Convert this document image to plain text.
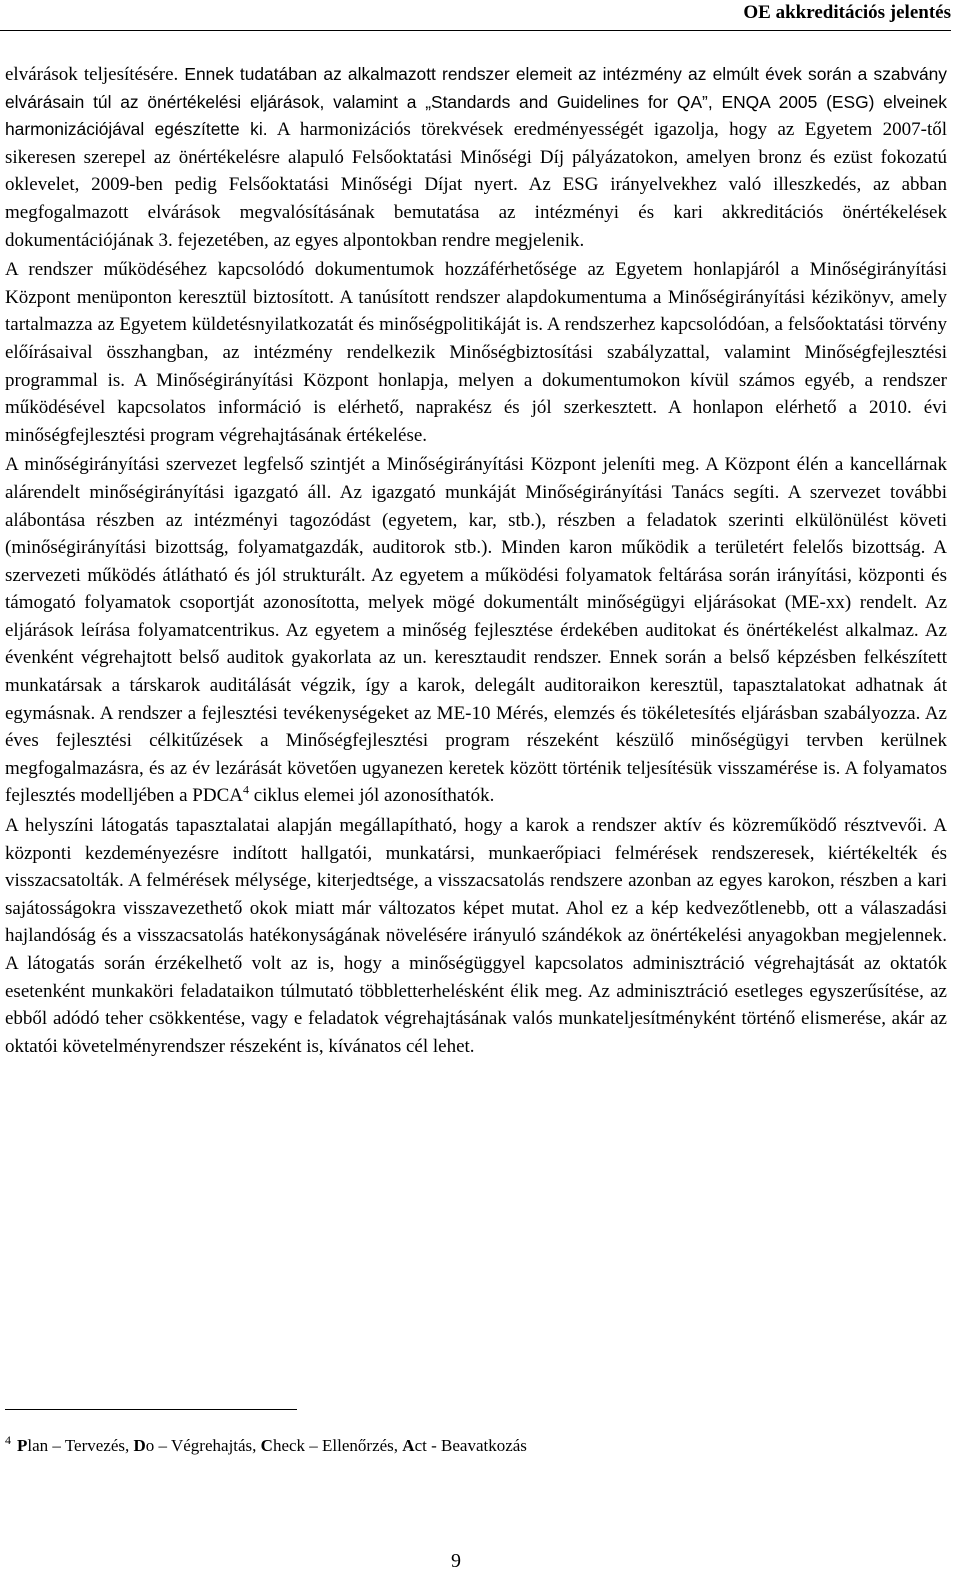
OE akkreditációs jelentés

elvárások teljesítésére. Ennek tudatában az alkalmazott rendszer elemeit az intézmény az elmúlt évek során a szabvány elvárásain túl az önértékelési eljárások, valamint a „Standards and Guidelines for QA”, ENQA 2005 (ESG) elveinek harmonizációjával egészítette ki. A harmonizációs törekvések eredményességét igazolja, hogy az Egyetem 2007-től sikeresen szerepel az önértékelésre alapuló Felsőoktatási Minőségi Díj pályázatokon, amelyen bronz és ezüst fokozatú oklevelet, 2009-ben pedig Felsőoktatási Minőségi Díjat nyert. Az ESG irányelvekhez való illeszkedés, az abban megfogalmazott elvárások megvalósításának bemutatása az intézményi és kari akkreditációs önértékelések dokumentációjának 3. fejezetében, az egyes alpontokban rendre megjelenik.

A rendszer működéséhez kapcsolódó dokumentumok hozzáférhetősége az Egyetem honlapjáról a Minőségirányítási Központ menüponton keresztül biztosított. A tanúsított rendszer alapdokumentuma a Minőségirányítási kézikönyv, amely tartalmazza az Egyetem küldetésnyilatkozatát és minőségpolitikáját is. A rendszerhez kapcsolódóan, a felsőoktatási törvény előírásaival összhangban, az intézmény rendelkezik Minőségbiztosítási szabályzattal, valamint Minőségfejlesztési programmal is. A Minőségirányítási Központ honlapja, melyen a dokumentumokon kívül számos egyéb, a rendszer működésével kapcsolatos információ is elérhető, naprakész és jól szerkesztett. A honlapon elérhető a 2010. évi minőségfejlesztési program végrehajtásának értékelése.

A minőségirányítási szervezet legfelső szintjét a Minőségirányítási Központ jeleníti meg. A Központ élén a kancellárnak alárendelt minőségirányítási igazgató áll. Az igazgató munkáját Minőségirányítási Tanács segíti. A szervezet további alábontása részben az intézményi tagozódást (egyetem, kar, stb.), részben a feladatok szerinti elkülönülést követi (minőségirányítási bizottság, folyamatgazdák, auditorok stb.). Minden karon működik a területért felelős bizottság. A szervezeti működés átlátható és jól strukturált. Az egyetem a működési folyamatok feltárása során irányítási, központi és támogató folyamatok csoportját azonosította, melyek mögé dokumentált minőségügyi eljárásokat (ME-xx) rendelt. Az eljárások leírása folyamatcentrikus. Az egyetem a minőség fejlesztése érdekében auditokat és önértékelést alkalmaz. Az évenként végrehajtott belső auditok gyakorlata az un. keresztaudit rendszer. Ennek során a belső képzésben felkészített munkatársak a társkarok auditálását végzik, így a karok, delegált auditoraikon keresztül, tapasztalatokat adhatnak át egymásnak. A rendszer a fejlesztési tevékenységeket az ME-10 Mérés, elemzés és tökéletesítés eljárásban szabályozza. Az éves fejlesztési célkitűzések a Minőségfejlesztési program részeként készülő minőségügyi tervben kerülnek megfogalmazásra, és az év lezárását követően ugyanezen keretek között történik teljesítésük visszamérése is. A folyamatos fejlesztés modelljében a PDCA$^4$ ciklus elemei jól azonosíthatók.

A helyszíni látogatás tapasztalatai alapján megállapítható, hogy a karok a rendszer aktív és közreműködő résztvevői. A központi kezdeményezésre indított hallgatói, munkatársi, munkaerőpiaci felmérések rendszeresek, kiértékelték és visszacsatolták. A felmérések mélysége, kiterjedtsége, a visszacsatolás rendszere azonban az egyes karokon, részben a kari sajátosságokra visszavezethető okok miatt már változatos képet mutat. Ahol ez a kép kedvezőtlenebb, ott a válaszadási hajlandóság és a visszacsatolás hatékonyságának növelésére irányuló szándékok az önértékelési anyagokban megjelennek. A látogatás során érzékelhető volt az is, hogy a minőségüggyel kapcsolatos adminisztráció végrehajtását az oktatók esetenként munkaköri feladataikon túlmutató többletterhelésként élik meg. Az adminisztráció esetleges egyszerűsítése, az ebből adódó teher csökkentése, vagy e feladatok végrehajtásának valós munkateljesítményként történő elismerése, akár az oktatói követelményrendszer részeként is, kívánatos cél lehet.

$^4$ Plan – Tervezés, Do – Végrehajtás, Check – Ellenőrzés, Act - Beavatkozás
9
